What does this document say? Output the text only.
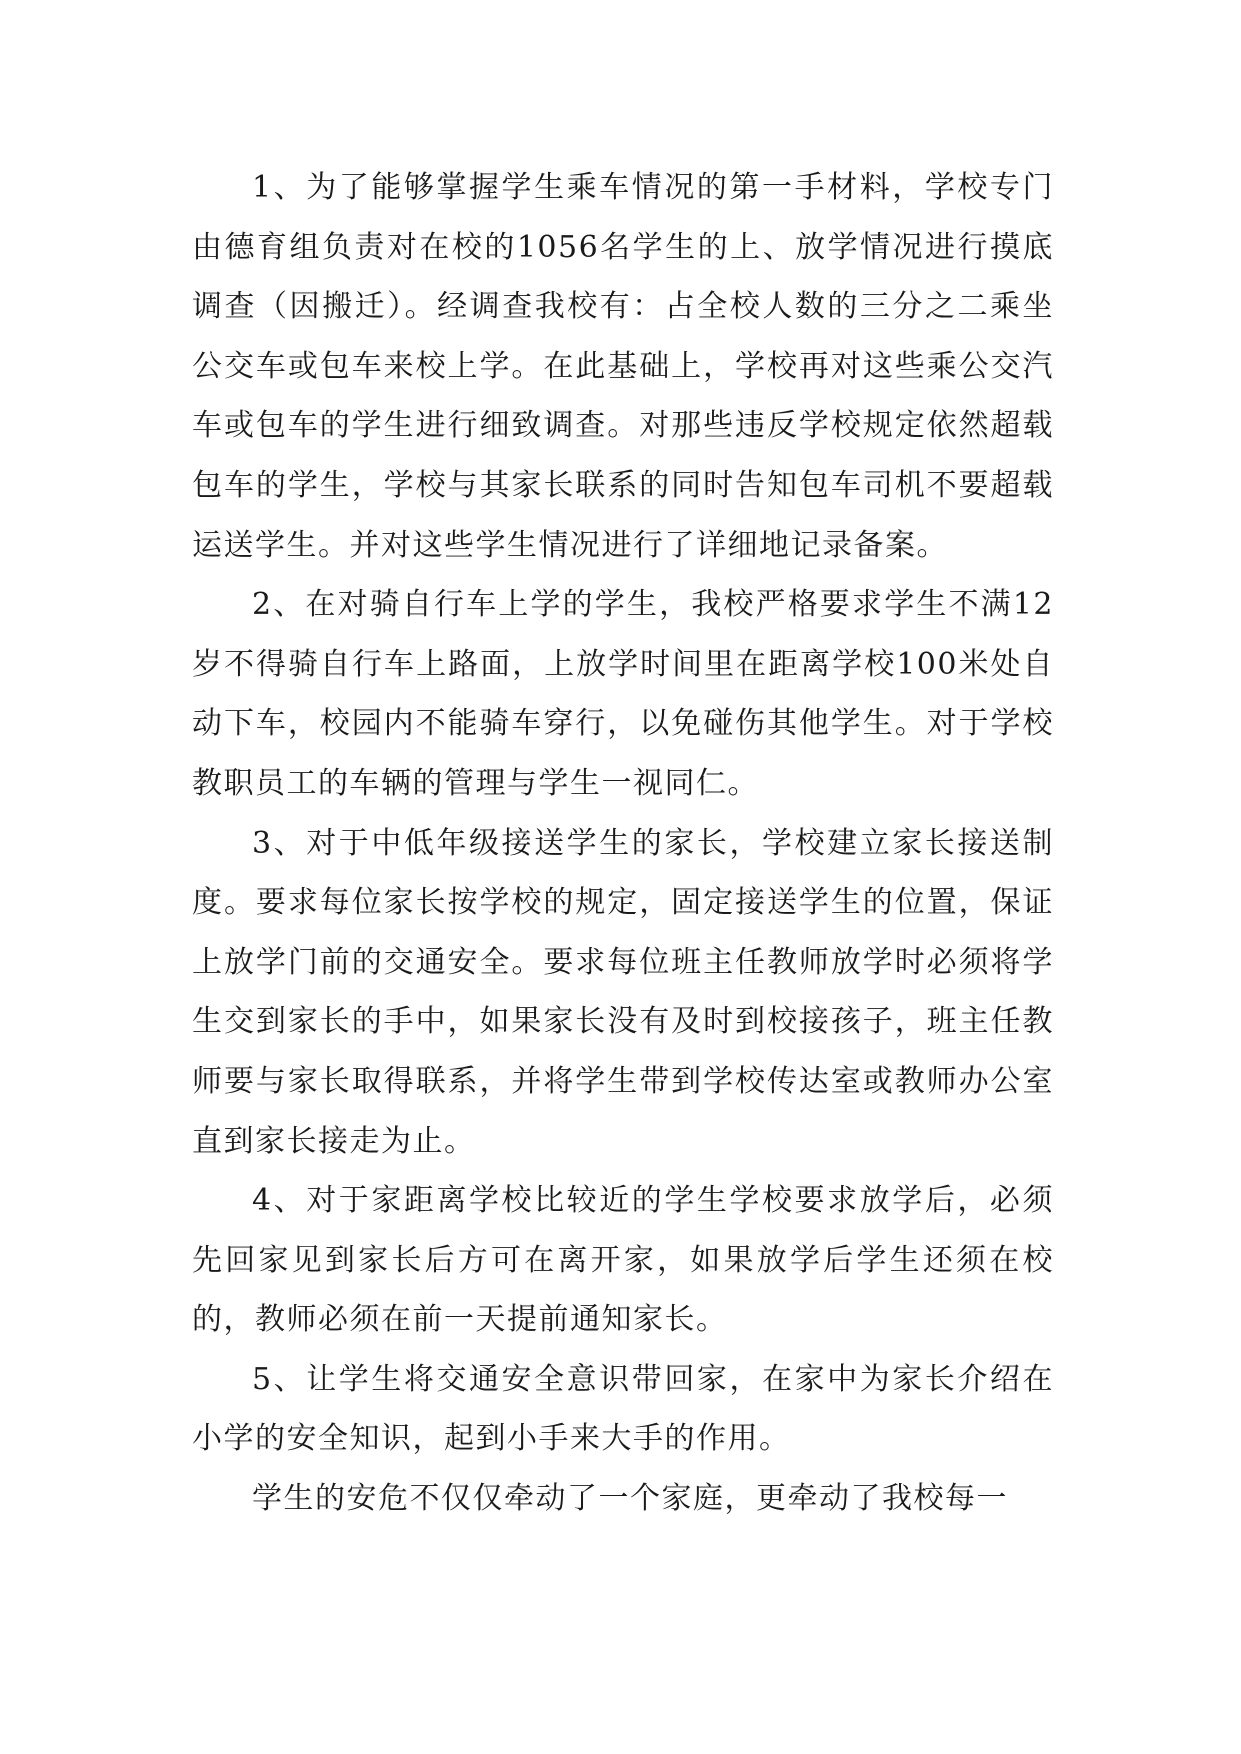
1、为了能够掌握学生乘车情况的第一手材料，学校专门由德育组负责对在校的1056名学生的上、放学情况进行摸底调查（因搬迁）。经调查我校有：占全校人数的三分之二乘坐公交车或包车来校上学。在此基础上，学校再对这些乘公交汽车或包车的学生进行细致调查。对那些违反学校规定依然超载包车的学生，学校与其家长联系的同时告知包车司机不要超载运送学生。并对这些学生情况进行了详细地记录备案。

2、在对骑自行车上学的学生，我校严格要求学生不满12岁不得骑自行车上路面，上放学时间里在距离学校100米处自动下车，校园内不能骑车穿行，以免碰伤其他学生。对于学校教职员工的车辆的管理与学生一视同仁。

3、对于中低年级接送学生的家长，学校建立家长接送制度。要求每位家长按学校的规定，固定接送学生的位置，保证上放学门前的交通安全。要求每位班主任教师放学时必须将学生交到家长的手中，如果家长没有及时到校接孩子，班主任教师要与家长取得联系，并将学生带到学校传达室或教师办公室直到家长接走为止。

4、对于家距离学校比较近的学生学校要求放学后，必须先回家见到家长后方可在离开家，如果放学后学生还须在校的，教师必须在前一天提前通知家长。

5、让学生将交通安全意识带回家，在家中为家长介绍在小学的安全知识，起到小手来大手的作用。

学生的安危不仅仅牵动了一个家庭，更牵动了我校每一
